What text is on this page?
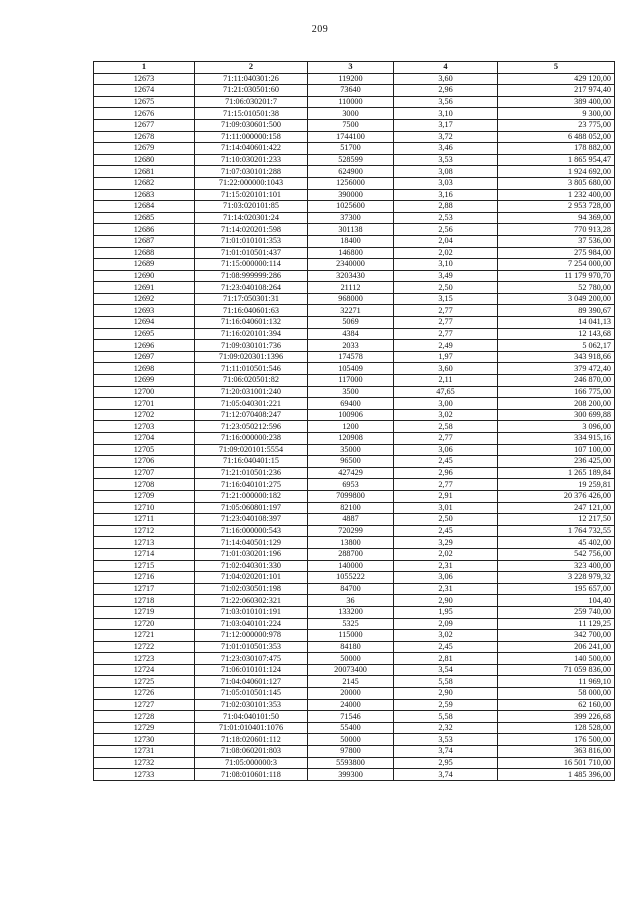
209
1	2	3	4	5
12673	71:11:040301:26	119200	3,60	429 120,00
12674	71:21:030501:60	73640	2,96	217 974,40
12675	71:06:030201:7	110000	3,56	389 400,00
12676	71:15:010501:38	3000	3,10	9 300,00
12677	71:09:030601:500	7500	3,17	23 775,00
12678	71:11:000000:158	1744100	3,72	6 488 052,00
12679	71:14:040601:422	51700	3,46	178 882,00
12680	71:10:030201:233	528599	3,53	1 865 954,47
12681	71:07:030101:288	624900	3,08	1 924 692,00
12682	71:22:000000:1043	1256000	3,03	3 805 680,00
12683	71:15:020101:101	390000	3,16	1 232 400,00
12684	71:03:020101:85	1025600	2,88	2 953 728,00
12685	71:14:020301:24	37300	2,53	94 369,00
12686	71:14:020201:598	301138	2,56	770 913,28
12687	71:01:010101:353	18400	2,04	37 536,00
12688	71:01:010501:437	146800	2,02	275 984,00
12689	71:15:000000:114	2340000	3,10	7 254 000,00
12690	71:08:999999:286	3203430	3,49	11 179 970,70
12691	71:23:040108:264	21112	2,50	52 780,00
12692	71:17:050301:31	968000	3,15	3 049 200,00
12693	71:16:040601:63	32271	2,77	89 390,67
12694	71:16:040601:132	5069	2,77	14 041,13
12695	71:16:020101:394	4384	2,77	12 143,68
12696	71:09:030101:736	2033	2,49	5 062,17
12697	71:09:020301:1396	174578	1,97	343 918,66
12698	71:11:010501:546	105409	3,60	379 472,40
12699	71:06:020501:82	117000	2,11	246 870,00
12700	71:20:031001:240	3500	47,65	166 775,00
12701	71:05:040301:221	69400	3,00	208 200,00
12702	71:12:070408:247	100906	3,02	300 699,88
12703	71:23:050212:596	1200	2,58	3 096,00
12704	71:16:000000:238	120908	2,77	334 915,16
12705	71:09:020101:5554	35000	3,06	107 100,00
12706	71:16:040401:15	96500	2,45	236 425,00
12707	71:21:010501:236	427429	2,96	1 265 189,84
12708	71:16:040101:275	6953	2,77	19 259,81
12709	71:21:000000:182	7099800	2,91	20 376 426,00
12710	71:05:060801:197	82100	3,01	247 121,00
12711	71:23:040108:397	4887	2,50	12 217,50
12712	71:16:000000:543	720299	2,45	1 764 732,55
12713	71:14:040501:129	13800	3,29	45 402,00
12714	71:01:030201:196	288700	2,02	542 756,00
12715	71:02:040301:330	140000	2,31	323 400,00
12716	71:04:020201:101	1055222	3,06	3 228 979,32
12717	71:02:030501:198	84700	2,31	195 657,00
12718	71:22:060302:321	36	2,90	104,40
12719	71:03:010101:191	133200	1,95	259 740,00
12720	71:03:040101:224	5325	2,09	11 129,25
12721	71:12:000000:978	115000	3,02	342 700,00
12722	71:01:010501:353	84180	2,45	206 241,00
12723	71:23:030107:475	50000	2,81	140 500,00
12724	71:06:010101:124	20073400	3,54	71 059 836,00
12725	71:04:040601:127	2145	5,58	11 969,10
12726	71:05:010501:145	20000	2,90	58 000,00
12727	71:02:030101:353	24000	2,59	62 160,00
12728	71:04:040101:50	71546	5,58	399 226,68
12729	71:01:010401:1076	55400	2,32	128 528,00
12730	71:18:020601:112	50000	3,53	176 500,00
12731	71:08:060201:803	97800	3,74	363 816,00
12732	71:05:000000:3	5593800	2,95	16 501 710,00
12733	71:08:010601:118	399300	3,74	1 485 396,00
